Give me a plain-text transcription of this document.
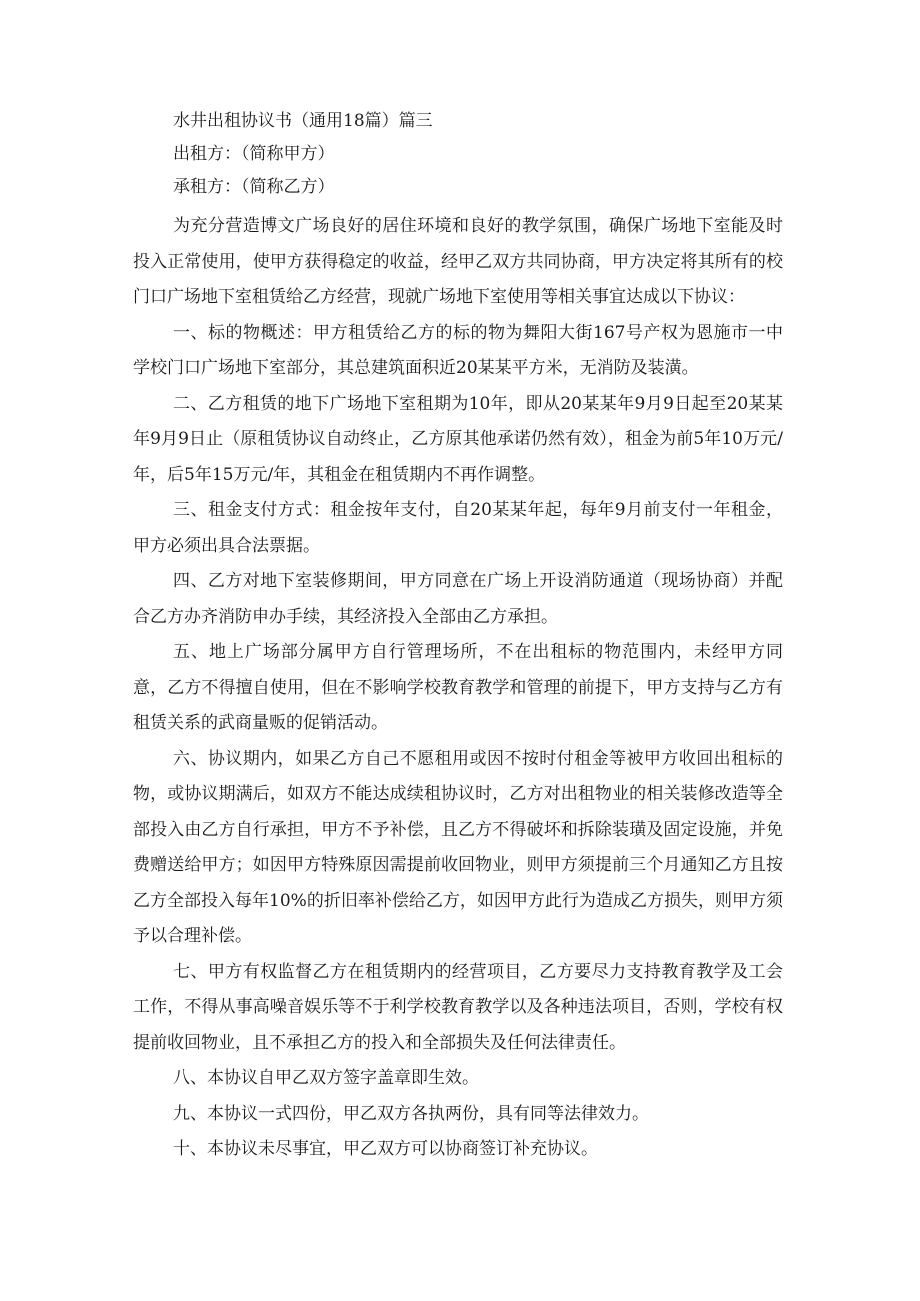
水井出租协议书（通用18篇）篇三

出租方：（简称甲方）

承租方：（简称乙方）

为充分营造博文广场良好的居住环境和良好的教学氛围，确保广场地下室能及时投入正常使用，使甲方获得稳定的收益，经甲乙双方共同协商，甲方决定将其所有的校门口广场地下室租赁给乙方经营，现就广场地下室使用等相关事宜达成以下协议：

一、标的物概述：甲方租赁给乙方的标的物为舞阳大街167号产权为恩施市一中学校门口广场地下室部分，其总建筑面积近20某某平方米，无消防及装潢。

二、乙方租赁的地下广场地下室租期为10年，即从20某某年9月9日起至20某某年9月9日止（原租赁协议自动终止，乙方原其他承诺仍然有效），租金为前5年10万元/年，后5年15万元/年，其租金在租赁期内不再作调整。

三、租金支付方式：租金按年支付，自20某某年起，每年9月前支付一年租金，甲方必须出具合法票据。

四、乙方对地下室装修期间，甲方同意在广场上开设消防通道（现场协商）并配合乙方办齐消防申办手续，其经济投入全部由乙方承担。

五、地上广场部分属甲方自行管理场所，不在出租标的物范围内，未经甲方同意，乙方不得擅自使用，但在不影响学校教育教学和管理的前提下，甲方支持与乙方有租赁关系的武商量贩的促销活动。

六、协议期内，如果乙方自己不愿租用或因不按时付租金等被甲方收回出租标的物，或协议期满后，如双方不能达成续租协议时，乙方对出租物业的相关装修改造等全部投入由乙方自行承担，甲方不予补偿，且乙方不得破坏和拆除装璜及固定设施，并免费赠送给甲方；如因甲方特殊原因需提前收回物业，则甲方须提前三个月通知乙方且按乙方全部投入每年10%的折旧率补偿给乙方，如因甲方此行为造成乙方损失，则甲方须予以合理补偿。

七、甲方有权监督乙方在租赁期内的经营项目，乙方要尽力支持教育教学及工会工作，不得从事高噪音娱乐等不于利学校教育教学以及各种违法项目，否则，学校有权提前收回物业，且不承担乙方的投入和全部损失及任何法律责任。

八、本协议自甲乙双方签字盖章即生效。

九、本协议一式四份，甲乙双方各执两份，具有同等法律效力。

十、本协议未尽事宜，甲乙双方可以协商签订补充协议。
